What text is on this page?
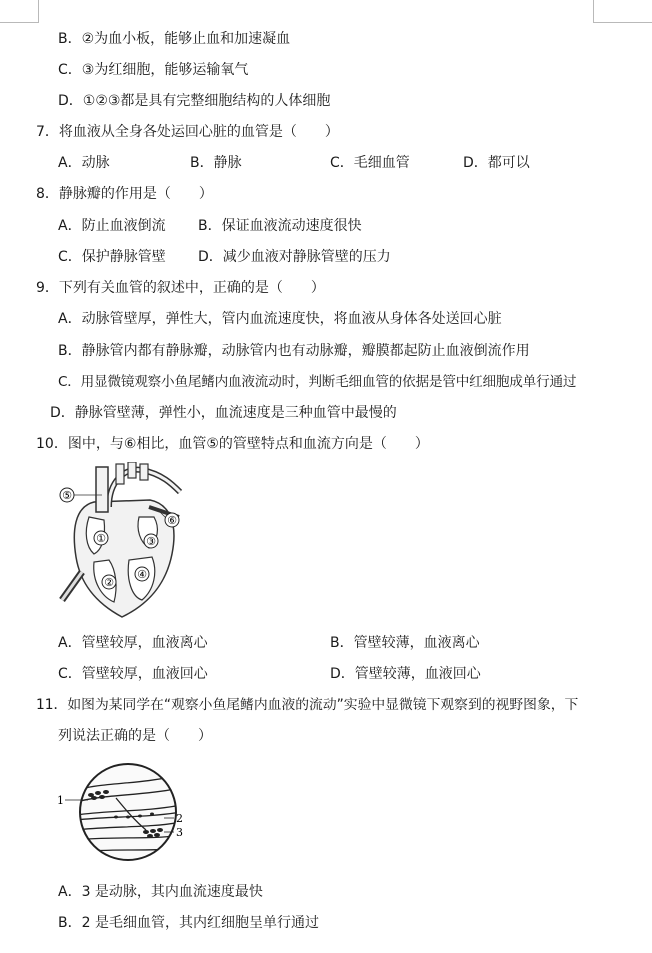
B．②为血小板，能够止血和加速凝血
C．③为红细胞，能够运输氧气
D．①②③都是具有完整细胞结构的人体细胞
7．将血液从全身各处运回心脏的血管是（　　）
A．动脉	B．静脉	C．毛细血管	D．都可以
8．静脉瓣的作用是（　　）
A．防止血液倒流 B．保证血液流动速度很快
C．保护静脉管壁 D．减少血液对静脉管壁的压力
9．下列有关血管的叙述中，正确的是（　　）
A．动脉管壁厚，弹性大，管内血流速度快，将血液从身体各处送回心脏
B．静脉管内都有静脉瓣，动脉管内也有动脉瓣，瓣膜都起防止血液倒流作用
C．用显微镜观察小鱼尾鳍内血液流动时，判断毛细血管的依据是管中红细胞成单行通过
D．静脉管壁薄，弹性小，血流速度是三种血管中最慢的
10．图中，与⑥相比，血管⑤的管壁特点和血流方向是（　　）
⑤
⑥
①	③
②
④
A．管壁较厚，血液离心	B．管壁较薄，血液离心
C．管壁较厚，血液回心	D．管壁较薄，血液回心
11．如图为某同学在“观察小鱼尾鳍内血液的流动”实验中显微镜下观察到的视野图象，下
列说法正确的是（　　）
1
2
3
A．3 是动脉，其内血流速度最快
B．2 是毛细血管，其内红细胞呈单行通过
